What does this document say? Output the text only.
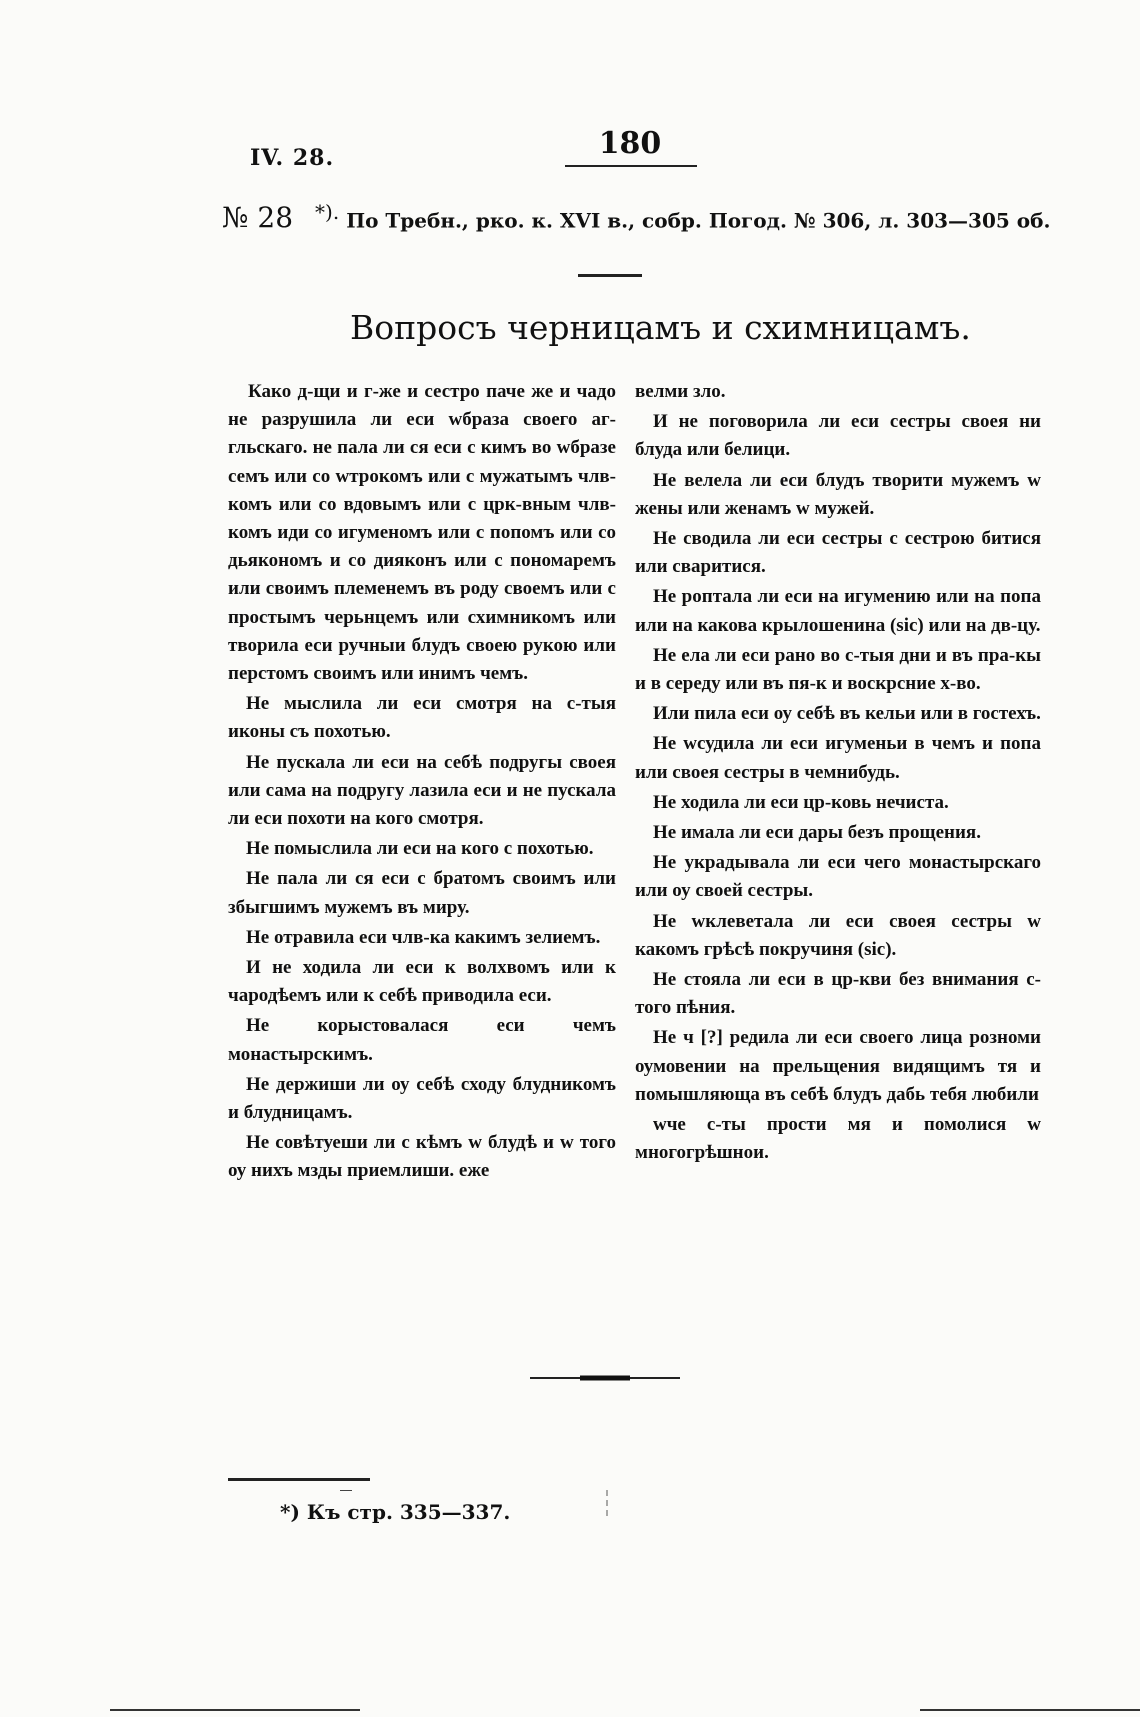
IV. 28.	180
№ 28 *). По Требн., рко. к. XVI в., собр. Погод. № 306, л. 303—305 об.
Вопросъ черницамъ и схимницамъ.

Како д-щи и г-же и сестро паче же и чадо не разрушила ли еси wбраза своего аг-гльскаго. не пала ли ся еси с кимъ во wбразе семъ или со wтрокомъ или с мужатымъ члв-комъ или со вдовымъ или с црк-вным члв-комъ иди со игуменомъ или с попомъ или со дьякономъ и со дияконъ или с пономаремъ или своимъ племенемъ въ роду своемъ или с простымъ черьнцемъ или схимникомъ или творила еси ручныи блудъ своею рукою или перстомъ своимъ или инимъ чемъ.

Не мыслила ли еси смотря на с-тыя иконы съ похотью.

Не пускала ли еси на себѣ подругы своея или сама на подругу лазила еси и не пускала ли еси похоти на кого смотря.

Не помыслила ли еси на кого с похотью.

Не пала ли ся еси с братомъ своимъ или збыгшимъ мужемъ въ миру.

Не отравила еси члв-ка какимъ зелиемъ.

И не ходила ли еси к волхвомъ или к чародѣемъ или к себѣ приводила еси.

Не корыстовалася еси чемъ монастырскимъ.

Не держиши ли оу себѣ сходу блудникомъ и блудницамъ.

Не совѣтуеши ли с кѣмъ w блудѣ и w того оу нихъ мзды приемлиши. еже

велми зло.

И не поговорила ли еси сестры своея ни блуда или белици.

Не велела ли еси блудъ творити мужемъ w жены или женамъ w мужей.

Не сводила ли еси сестры с сестрою битися или сваритися.

Не роптала ли еси на игумению или на попа или на какова крылошенина (sic) или на дв-цу.

Не ела ли еси рано во с-тыя дни и въ пра-кы и в середу или въ пя-к и воскрсние х-во.

Или пила еси оу себѣ въ кельи или в гостехъ.

Не wсудила ли еси игуменьи в чемъ и попа или своея сестры в чемнибудь.

Не ходила ли еси цр-ковь нечиста.

Не имала ли еси дары безъ прощения.

Не украдывала ли еси чего монастырскаго или оу своей сестры.

Не wклеветала ли еси своея сестры w какомъ грѣсѣ покручиня (sic).

Не стояла ли еси в цр-кви без внимания с-того пѣния.

Не ч [?] редила ли еси своего лица розноми оумовении на прельщения видящимъ тя и помышляюща въ себѣ блудъ дабь тебя любили

wче с-ты прости мя и помолися w многогрѣшнои.

*) Къ стр. 335—337.
